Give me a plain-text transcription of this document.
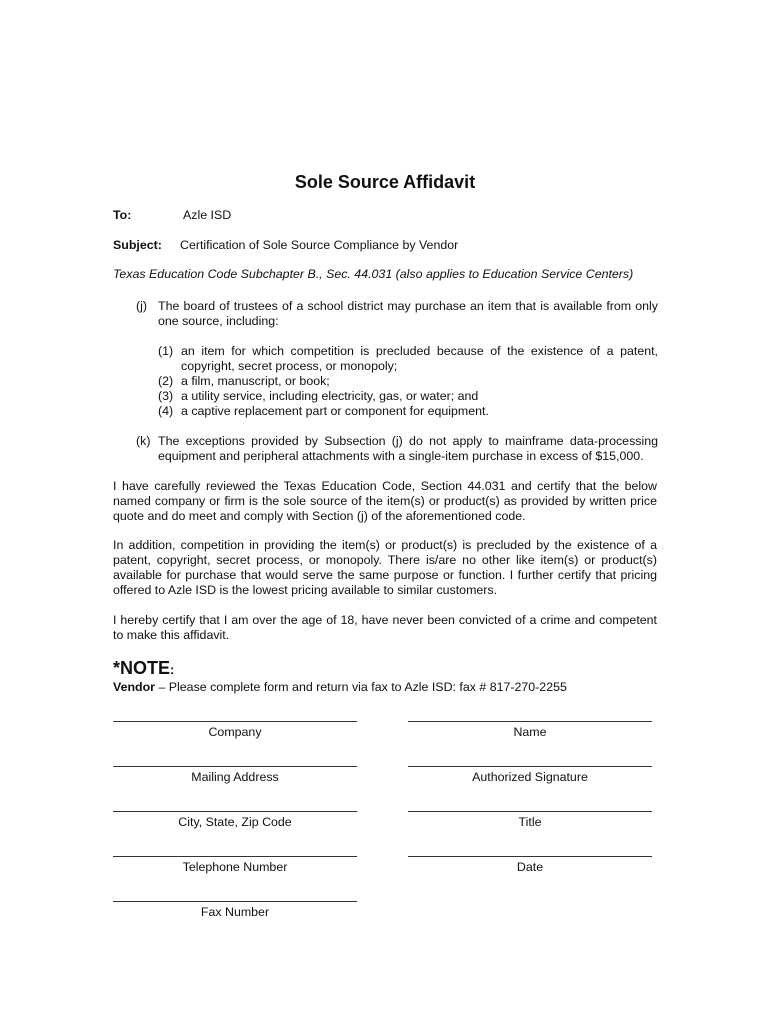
Sole Source Affidavit
To:	Azle ISD
Subject: Certification of Sole Source Compliance by Vendor
Texas Education Code Subchapter B., Sec. 44.031 (also applies to Education Service Centers)
(j) The board of trustees of a school district may purchase an item that is available from only one source, including:
(1) an item for which competition is precluded because of the existence of a patent, copyright, secret process, or monopoly;
(2) a film, manuscript, or book;
(3) a utility service, including electricity, gas, or water; and
(4) a captive replacement part or component for equipment.
(k) The exceptions provided by Subsection (j) do not apply to mainframe data-processing equipment and peripheral attachments with a single-item purchase in excess of $15,000.
I have carefully reviewed the Texas Education Code, Section 44.031 and certify that the below named company or firm is the sole source of the item(s) or product(s) as provided by written price quote and do meet and comply with Section (j) of the aforementioned code.
In addition, competition in providing the item(s) or product(s) is precluded by the existence of a patent, copyright, secret process, or monopoly. There is/are no other like item(s) or product(s) available for purchase that would serve the same purpose or function. I further certify that pricing offered to Azle ISD is the lowest pricing available to similar customers.
I hereby certify that I am over the age of 18, have never been convicted of a crime and competent to make this affidavit.
*NOTE:
Vendor – Please complete form and return via fax to Azle ISD: fax # 817-270-2255
Company	Name
Mailing Address	Authorized Signature
City, State, Zip Code	Title
Telephone Number	Date
Fax Number
